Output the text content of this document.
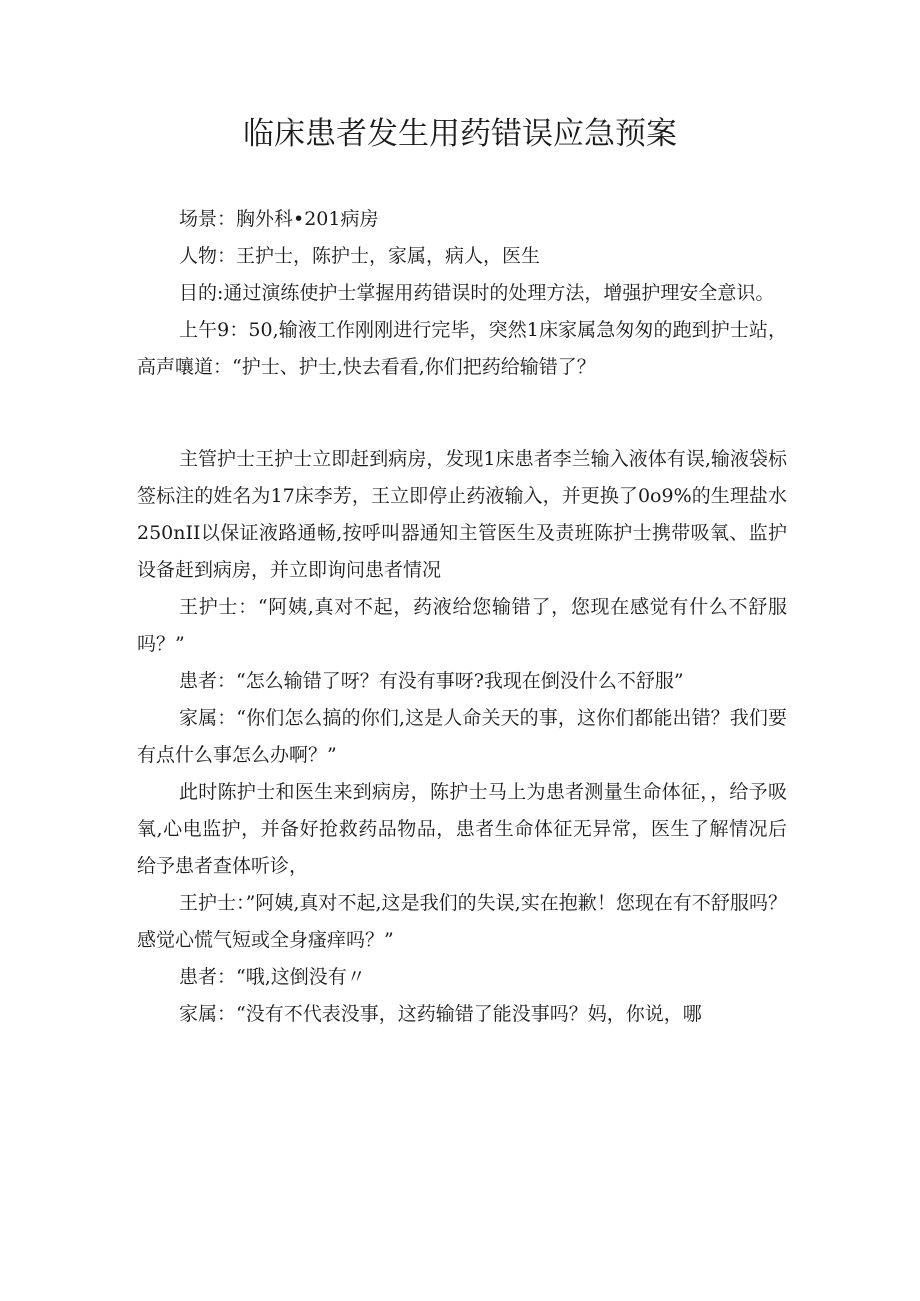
临床患者发生用药错误应急预案

场景：胸外科•201病房

人物：王护士，陈护士，家属，病人，医生

目的:通过演练使护士掌握用药错误时的处理方法，增强护理安全意识。

上午9：50,输液工作刚刚进行完毕，突然1床家属急匆匆的跑到护士站，高声嚷道：“护士、护士,快去看看,你们把药给输错了？

主管护士王护士立即赶到病房，发现1床患者李兰输入液体有误,输液袋标签标注的姓名为17床李芳，王立即停止药液输入，并更换了0o9%的生理盐水250nII以保证液路通畅,按呼叫器通知主管医生及责班陈护士携带吸氧、监护设备赶到病房，并立即询问患者情况

王护士：“阿姨,真对不起，药液给您输错了，您现在感觉有什么不舒服吗？”

患者：“怎么输错了呀？有没有事呀?我现在倒没什么不舒服”

家属：“你们怎么搞的你们,这是人命关天的事，这你们都能出错？我们要有点什么事怎么办啊？”

此时陈护士和医生来到病房，陈护士马上为患者测量生命体征，，给予吸氧,心电监护，并备好抢救药品物品，患者生命体征无异常，医生了解情况后给予患者查体听诊，

王护士：”阿姨,真对不起,这是我们的失误,实在抱歉！您现在有不舒服吗？感觉心慌气短或全身瘙痒吗？”

患者：“哦,这倒没有〃

家属：“没有不代表没事，这药输错了能没事吗？妈，你说，哪
